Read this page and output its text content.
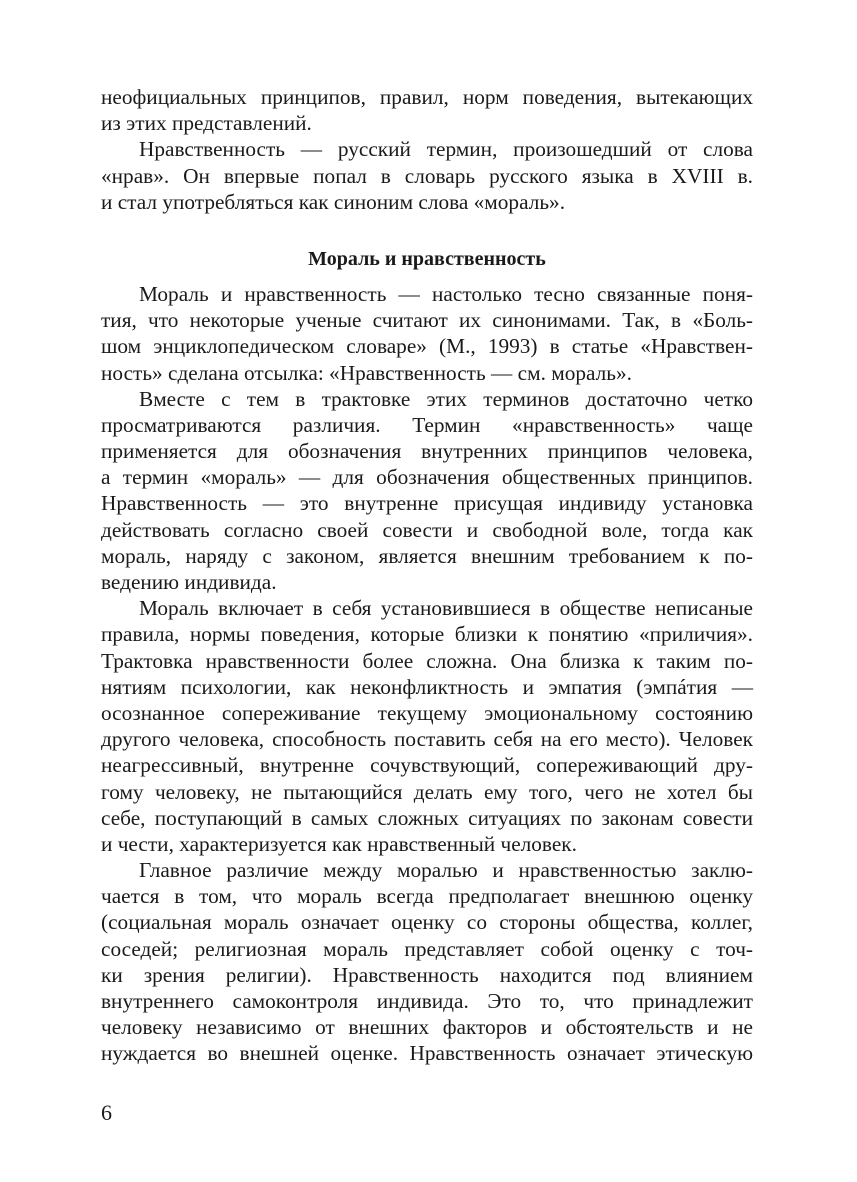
неофициальных принципов, правил, норм поведения, вытекающих
из этих представлений.
Нравственность — русский термин, произошедший от слова
«нрав». Он впервые попал в словарь русского языка в XVIII в.
и стал употребляться как синоним слова «мораль».
Мораль и нравственность
Мораль и нравственность — настолько тесно связанные поня-
тия, что некоторые ученые считают их синонимами. Так, в «Боль-
шом энциклопедическом словаре» (М., 1993) в статье «Нравствен-
ность» сделана отсылка: «Нравственность — см. мораль».
Вместе с тем в трактовке этих терминов достаточно четко
просматриваются различия. Термин «нравственность» чаще
применяется для обозначения внутренних принципов человека,
а термин «мораль» — для обозначения общественных принципов.
Нравственность — это внутренне присущая индивиду установка
действовать согласно своей совести и свободной воле, тогда как
мораль, наряду с законом, является внешним требованием к по-
ведению индивида.
Мораль включает в себя установившиеся в обществе неписаные
правила, нормы поведения, которые близки к понятию «приличия».
Трактовка нравственности более сложна. Она близка к таким по-
нятиям психологии, как неконфликтность и эмпатия (эмпáтия —
осознанное сопереживание текущему эмоциональному состоянию
другого человека, способность поставить себя на его место). Человек
неагрессивный, внутренне сочувствующий, сопереживающий дру-
гому человеку, не пытающийся делать ему того, чего не хотел бы
себе, поступающий в самых сложных ситуациях по законам совести
и чести, характеризуется как нравственный человек.
Главное различие между моралью и нравственностью заклю-
чается в том, что мораль всегда предполагает внешнюю оценку
(социальная мораль означает оценку со стороны общества, коллег,
соседей; религиозная мораль представляет собой оценку с точ-
ки зрения религии). Нравственность находится под влиянием
внутреннего самоконтроля индивида. Это то, что принадлежит
человеку независимо от внешних факторов и обстоятельств и не
нуждается во внешней оценке. Нравственность означает этическую
6
